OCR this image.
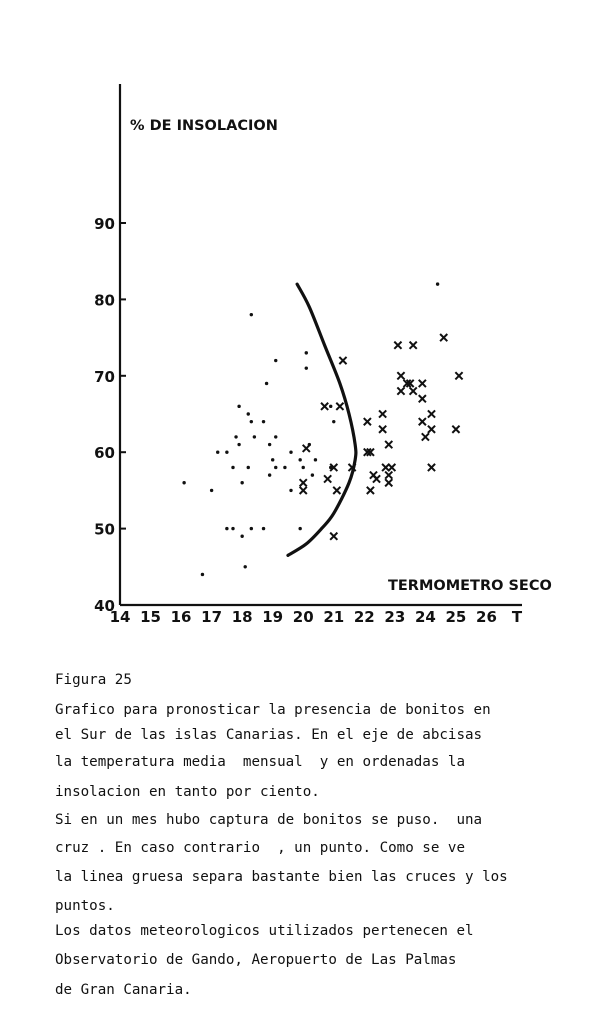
% DE INSOLACION
TERMOMETRO SECO
40
50
60
70
80
90
14 15 16 17 18 19 20 21 22 23 24 25 26 T
Figura 25
Grafico para pronosticar la presencia de bonitos en
el Sur de las islas Canarias. En el eje de abcisas
la temperatura media  mensual  y en ordenadas la
insolacion en tanto por ciento.
Si en un mes hubo captura de bonitos se puso.  una
cruz . En caso contrario  , un punto. Como se ve
la linea gruesa separa bastante bien las cruces y los
puntos.
Los datos meteorologicos utilizados pertenecen el
Observatorio de Gando, Aeropuerto de Las Palmas
de Gran Canaria.
